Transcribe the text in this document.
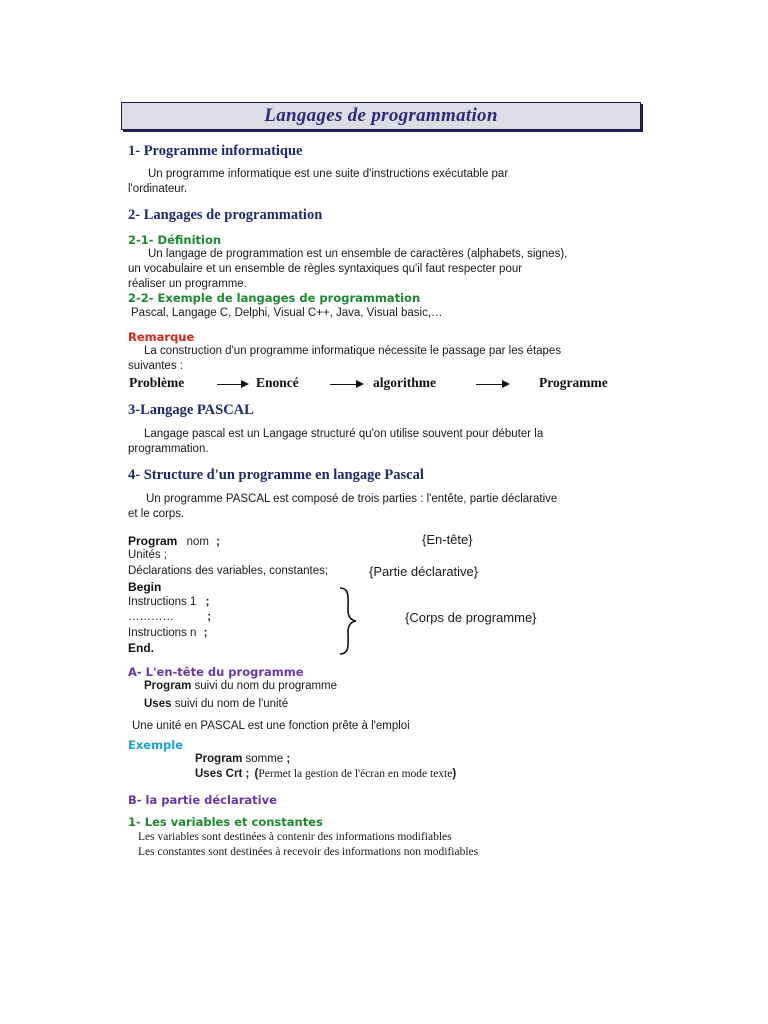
Langages de programmation
1- Programme informatique
Un programme informatique est une suite d'instructions exécutable par
l'ordinateur.
2- Langages de programmation
2-1- Définition
Un langage de programmation est un ensemble de caractères (alphabets, signes),
un vocabulaire et un ensemble de règles syntaxiques qu'il faut respecter pour
réaliser un programme.
2-2- Exemple de langages de programmation
Pascal, Langage C, Delphi, Visual C++, Java, Visual basic,…
Remarque
La construction d'un programme informatique nécessite le passage par les étapes
suivantes :
Problème	Enoncé	algorithme	Programme
3-Langage PASCAL
Langage pascal est un Langage structuré qu'on utilise souvent pour débuter la
programmation.
4- Structure d'un programme en langage Pascal
Un programme PASCAL est composé de trois parties : l'entête, partie déclarative
et le corps.
Program nom ;	{En-tête}
Unités ;
Déclarations des variables, constantes;	{Partie déclarative}
Begin
Instructions 1 ;
…………	;
Instructions n ;
End.
{Corps de programme}
A- L'en-tête du programme
Program suivi du nom du programme
Uses suivi du nom de l'unité
Une unité en PASCAL est une fonction prête à l'emploi
Exemple
Program somme ;
Uses Crt ; (Permet la gestion de l'écran en mode texte)
B- la partie déclarative
1- Les variables et constantes
Les variables sont destinées à contenir des informations modifiables
Les constantes sont destinées à recevoir des informations non modifiables
